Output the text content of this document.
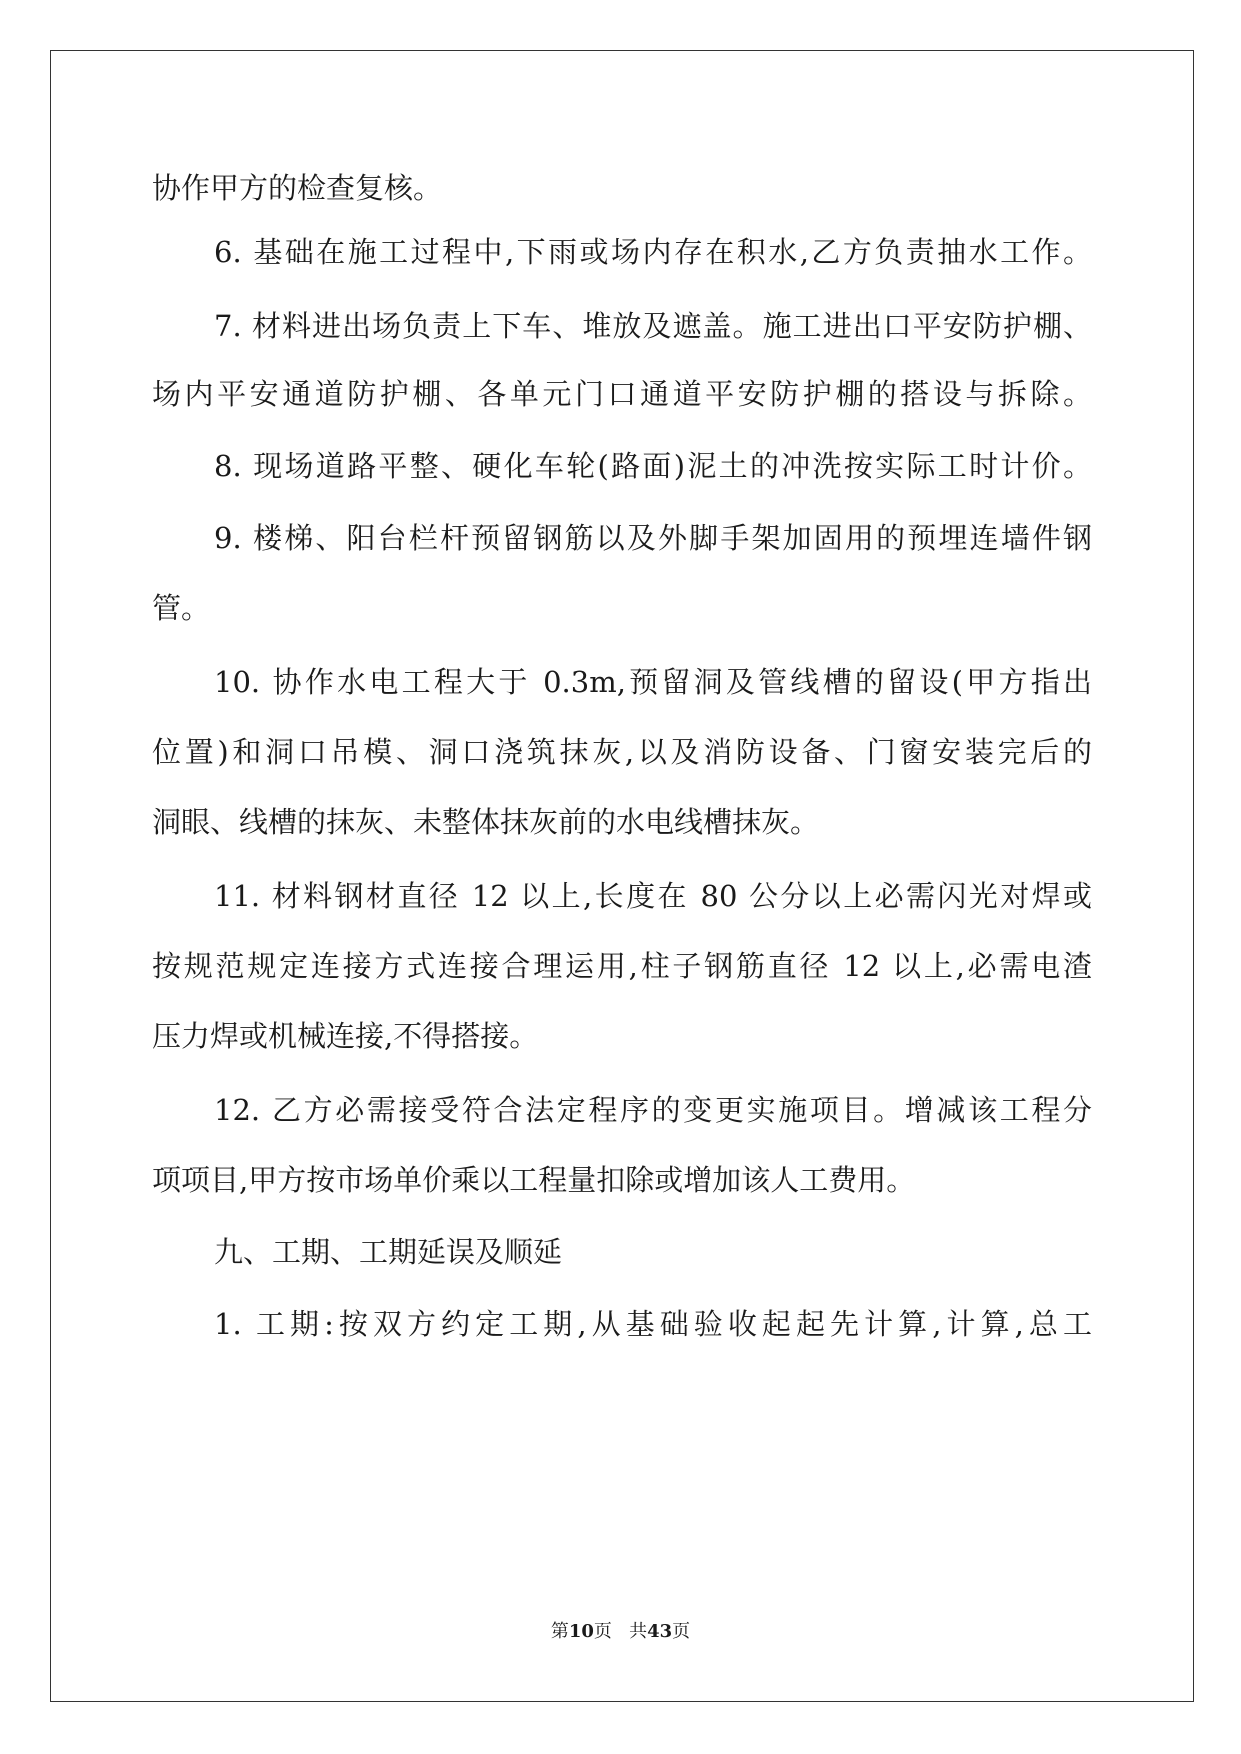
协作甲方的检查复核。
6. 基础在施工过程中,下雨或场内存在积水,乙方负责抽水工作。
7. 材料进出场负责上下车、堆放及遮盖。施工进出口平安防护棚、
场内平安通道防护棚、各单元门口通道平安防护棚的搭设与拆除。
8. 现场道路平整、硬化车轮(路面)泥土的冲洗按实际工时计价。
9. 楼梯、阳台栏杆预留钢筋以及外脚手架加固用的预埋连墙件钢
管。
10. 协作水电工程大于 0.3m,预留洞及管线槽的留设(甲方指出
位置)和洞口吊模、洞口浇筑抹灰,以及消防设备、门窗安装完后的
洞眼、线槽的抹灰、未整体抹灰前的水电线槽抹灰。
11. 材料钢材直径 12 以上,长度在 80 公分以上必需闪光对焊或
按规范规定连接方式连接合理运用,柱子钢筋直径 12 以上,必需电渣
压力焊或机械连接,不得搭接。
12. 乙方必需接受符合法定程序的变更实施项目。增减该工程分
项项目,甲方按市场单价乘以工程量扣除或增加该人工费用。
九、工期、工期延误及顺延
1. 工期:按双方约定工期,从基础验收起起先计算,计算,总工
第10页 共43页
